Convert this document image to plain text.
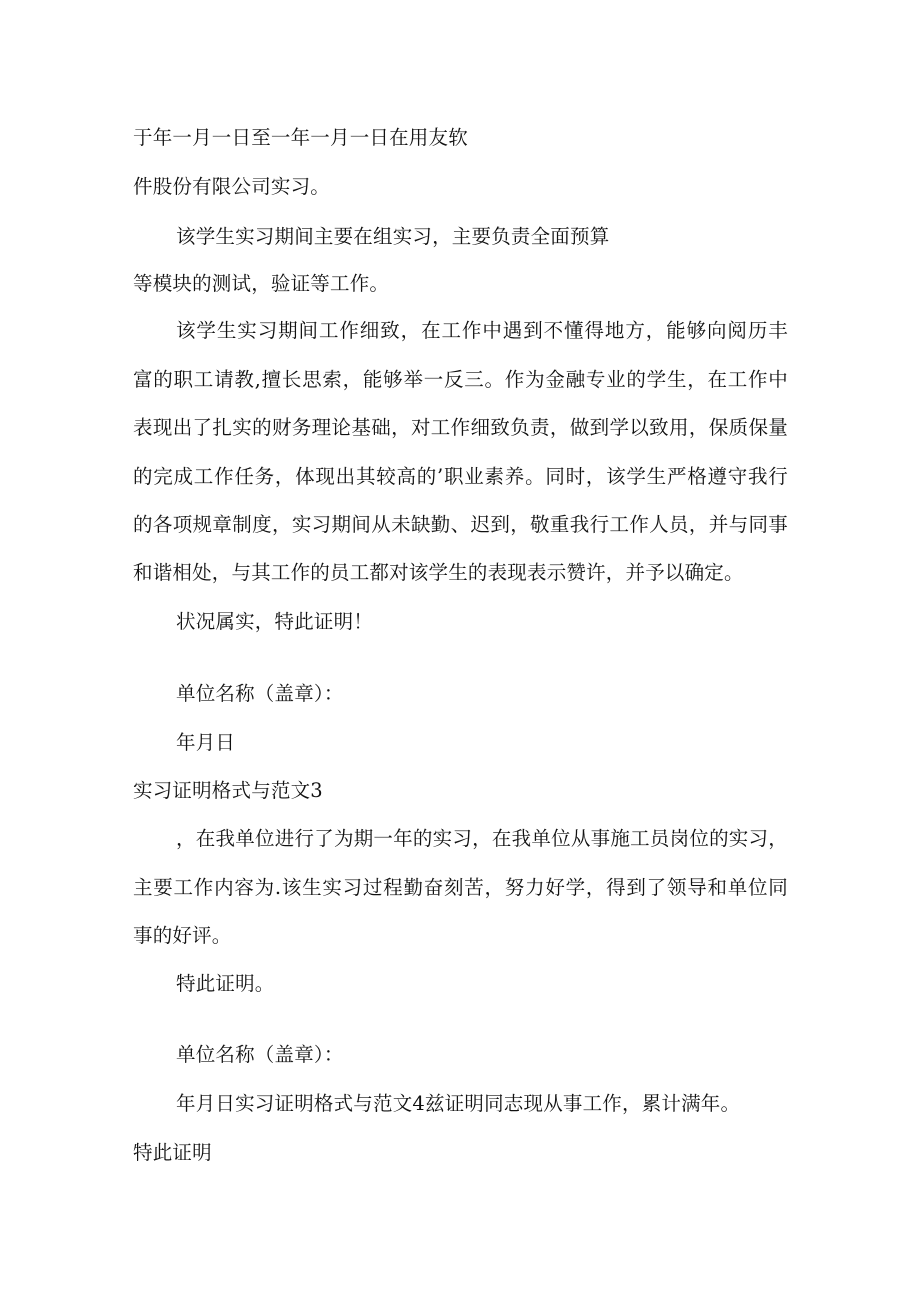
于年一月一日至一年一月一日在用友软
件股份有限公司实习。
该学生实习期间主要在组实习，主要负责全面预算
等模块的测试，验证等工作。
该学生实习期间工作细致，在工作中遇到不懂得地方，能够向阅历丰
富的职工请教,擅长思索，能够举一反三。作为金融专业的学生，在工作中
表现出了扎实的财务理论基础，对工作细致负责，做到学以致用，保质保量
的完成工作任务，体现出其较高的’职业素养。同时，该学生严格遵守我行
的各项规章制度，实习期间从未缺勤、迟到，敬重我行工作人员，并与同事
和谐相处，与其工作的员工都对该学生的表现表示赞许，并予以确定。
状况属实，特此证明！
单位名称（盖章）：
年月日
实习证明格式与范文3
，在我单位进行了为期一年的实习，在我单位从事施工员岗位的实习，
主要工作内容为.该生实习过程勤奋刻苦，努力好学，得到了领导和单位同
事的好评。
特此证明。
单位名称（盖章）：
年月日实习证明格式与范文4兹证明同志现从事工作，累计满年。
特此证明
